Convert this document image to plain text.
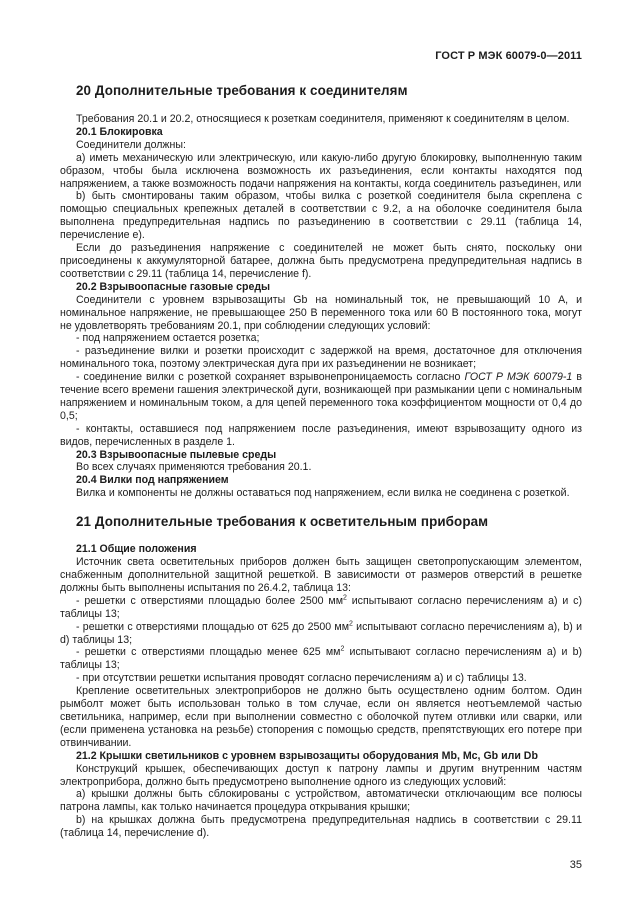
ГОСТ Р МЭК 60079-0—2011
20 Дополнительные требования к соединителям

Требования 20.1 и 20.2, относящиеся к розеткам соединителя, применяют к соединителям в целом.

20.1 Блокировка

Соединители должны:

а) иметь механическую или электрическую, или какую-либо другую блокировку, выполненную таким образом, чтобы была исключена возможность их разъединения, если контакты находятся под напряжением, а также возможность подачи напряжения на контакты, когда соединитель разъединен, или

b) быть смонтированы таким образом, чтобы вилка с розеткой соединителя была скреплена с помощью специальных крепежных деталей в соответствии с 9.2, а на оболочке соединителя была выполнена предупредительная надпись по разъединению в соответствии с 29.11 (таблица 14, перечисление е).

Если до разъединения напряжение с соединителей не может быть снято, поскольку они присоединены к аккумуляторной батарее, должна быть предусмотрена предупредительная надпись в соответствии с 29.11 (таблица 14, перечисление f).

20.2 Взрывоопасные газовые среды

Соединители с уровнем взрывозащиты Gb на номинальный ток, не превышающий 10 А, и номинальное напряжение, не превышающее 250 В переменного тока или 60 В постоянного тока, могут не удовлетворять требованиям 20.1, при соблюдении следующих условий:

- под напряжением остается розетка;

- разъединение вилки и розетки происходит с задержкой на время, достаточное для отключения номинального тока, поэтому электрическая дуга при их разъединении не возникает;

- соединение вилки с розеткой сохраняет взрывонепроницаемость согласно ГОСТ Р МЭК 60079-1 в течение всего времени гашения электрической дуги, возникающей при размыкании цепи с номинальным напряжением и номинальным током, а для цепей переменного тока коэффициентом мощности от 0,4 до 0,5;

- контакты, оставшиеся под напряжением после разъединения, имеют взрывозащиту одного из видов, перечисленных в разделе 1.

20.3 Взрывоопасные пылевые среды

Во всех случаях применяются требования 20.1.

20.4 Вилки под напряжением

Вилка и компоненты не должны оставаться под напряжением, если вилка не соединена с розеткой.

21 Дополнительные требования к осветительным приборам
21.1 Общие положения

Источник света осветительных приборов должен быть защищен светопропускающим элементом, снабженным дополнительной защитной решеткой. В зависимости от размеров отверстий в решетке должны быть выполнены испытания по 26.4.2, таблица 13:

- решетки с отверстиями площадью более 2500 $мм^2$ испытывают согласно перечислениям а) и с) таблицы 13;

- решетки с отверстиями площадью от 625 до 2500 $мм^2$ испытывают согласно перечислениям а), b) и d) таблицы 13;

- решетки с отверстиями площадью менее 625 $мм^2$ испытывают согласно перечислениям а) и b) таблицы 13;

- при отсутствии решетки испытания проводят согласно перечислениям а) и с) таблицы 13.

Крепление осветительных электроприборов не должно быть осуществлено одним болтом. Один рымболт может быть использован только в том случае, если он является неотъемлемой частью светильника, например, если при выполнении совместно с оболочкой путем отливки или сварки, или (если применена установка на резьбе) стопорения с помощью средств, препятствующих его потере при отвинчивании.

21.2 Крышки светильников с уровнем взрывозащиты оборудования Mb, Mc, Gb или Db

Конструкций крышек, обеспечивающих доступ к патрону лампы и другим внутренним частям электроприбора, должно быть предусмотрено выполнение одного из следующих условий:

а) крышки должны быть сблокированы с устройством, автоматически отключающим все полюсы патрона лампы, как только начинается процедура открывания крышки;

b) на крышках должна быть предусмотрена предупредительная надпись в соответствии с 29.11 (таблица 14, перечисление d).

35
